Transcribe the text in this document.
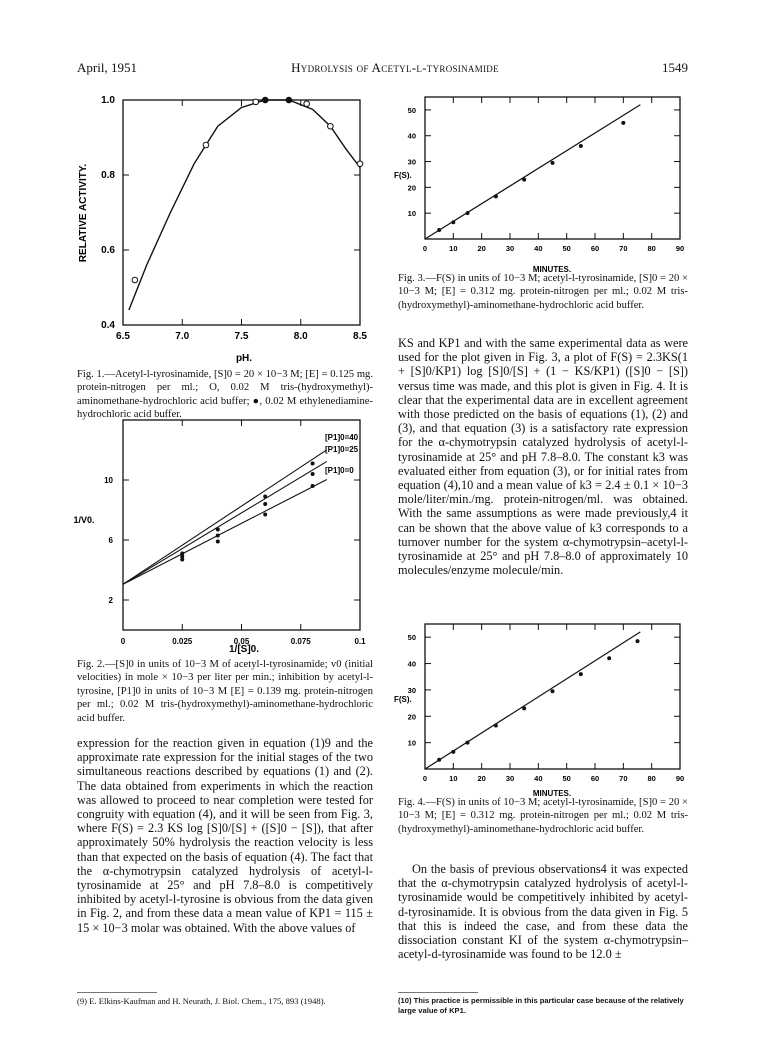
April, 1951	Hydrolysis of Acetyl-l-tyrosinamide	1549
6.5	7.0	7.5	8.0	8.5
0.4
0.6
0.8
1.0
RELATIVE ACTIVITY.
pH.
Fig. 1.—Acetyl-l-tyrosinamide, [S]0 = 20 × 10−3 M; [E] = 0.125 mg. protein-nitrogen per ml.; O, 0.02 M tris-(hydroxymethyl)-aminomethane-hydrochloric acid buffer; ●, 0.02 M ethylenediamine-hydrochloric acid buffer.
0	0.025	0.05	0.075	0.1
2
6
10
1/V0.
1/[S]0.
[P1]0=40
[P1]0=25
[P1]0=0
Fig. 2.—[S]0 in units of 10−3 M of acetyl-l-tyrosinamide; v0 (initial velocities) in mole × 10−3 per liter per min.; inhibition by acetyl-l-tyrosine, [P1]0 in units of 10−3 M [E] = 0.139 mg. protein-nitrogen per ml.; 0.02 M tris-(hydroxymethyl)-aminomethane-hydrochloric acid buffer.

expression for the reaction given in equation (1)9 and the approximate rate expression for the initial stages of the two simultaneous reactions described by equations (1) and (2). The data obtained from experiments in which the reaction was allowed to proceed to near completion were tested for congruity with equation (4), and it will be seen from Fig. 3, where F(S) = 2.3 KS log [S]0/[S] + ([S]0 − [S]), that after approximately 50% hydrolysis the reaction velocity is less than that expected on the basis of equation (4). The fact that the α-chymotrypsin catalyzed hydrolysis of acetyl-l-tyrosinamide at 25° and pH 7.8–8.0 is competitively inhibited by acetyl-l-tyrosine is obvious from the data given in Fig. 2, and from these data a mean value of KP1 = 115 ± 15 × 10−3 molar was obtained. With the above values of

(9) E. Elkins-Kaufman and H. Neurath, J. Biol. Chem., 175, 893 (1948).
0	10	20	30	40	50	60	70	80	90
10
20
30
40
50
F(S).
MINUTES.
Fig. 3.—F(S) in units of 10−3 M; acetyl-l-tyrosinamide, [S]0 = 20 × 10−3 M; [E] = 0.312 mg. protein-nitrogen per ml.; 0.02 M tris-(hydroxymethyl)-aminomethane-hydrochloric acid buffer.

KS and KP1 and with the same experimental data as were used for the plot given in Fig. 3, a plot of F(S) = 2.3KS(1 + [S]0/KP1) log [S]0/[S] + (1 − KS/KP1) ([S]0 − [S]) versus time was made, and this plot is given in Fig. 4. It is clear that the experimental data are in excellent agreement with those predicted on the basis of equations (1), (2) and (3), and that equation (3) is a satisfactory rate expression for the α-chymotrypsin catalyzed hydrolysis of acetyl-l-tyrosinamide at 25° and pH 7.8–8.0. The constant k3 was evaluated either from equation (3), or for initial rates from equation (4),10 and a mean value of k3 = 2.4 ± 0.1 × 10−3 mole/liter/min./mg. protein-nitrogen/ml. was obtained. With the same assumptions as were made previously,4 it can be shown that the above value of k3 corresponds to a turnover number for the system α-chymotrypsin–acetyl-l-tyrosinamide at 25° and pH 7.8–8.0 of approximately 10 molecules/enzyme molecule/min.

0	10	20	30	40	50	60	70	80	90
10
20
30
40
50
F(S).
MINUTES.
Fig. 4.—F(S) in units of 10−3 M; acetyl-l-tyrosinamide, [S]0 = 20 × 10−3 M; [E] = 0.312 mg. protein-nitrogen per ml.; 0.02 M tris-(hydroxymethyl)-aminomethane-hydrochloric acid buffer.

On the basis of previous observations4 it was expected that the α-chymotrypsin catalyzed hydrolysis of acetyl-l-tyrosinamide would be competitively inhibited by acetyl-d-tyrosinamide. It is obvious from the data given in Fig. 5 that this is indeed the case, and from these data the dissociation constant KI of the system α-chymotrypsin–acetyl-d-tyrosinamide was found to be 12.0 ±

(10) This practice is permissible in this particular case because of the relatively large value of KP1.
